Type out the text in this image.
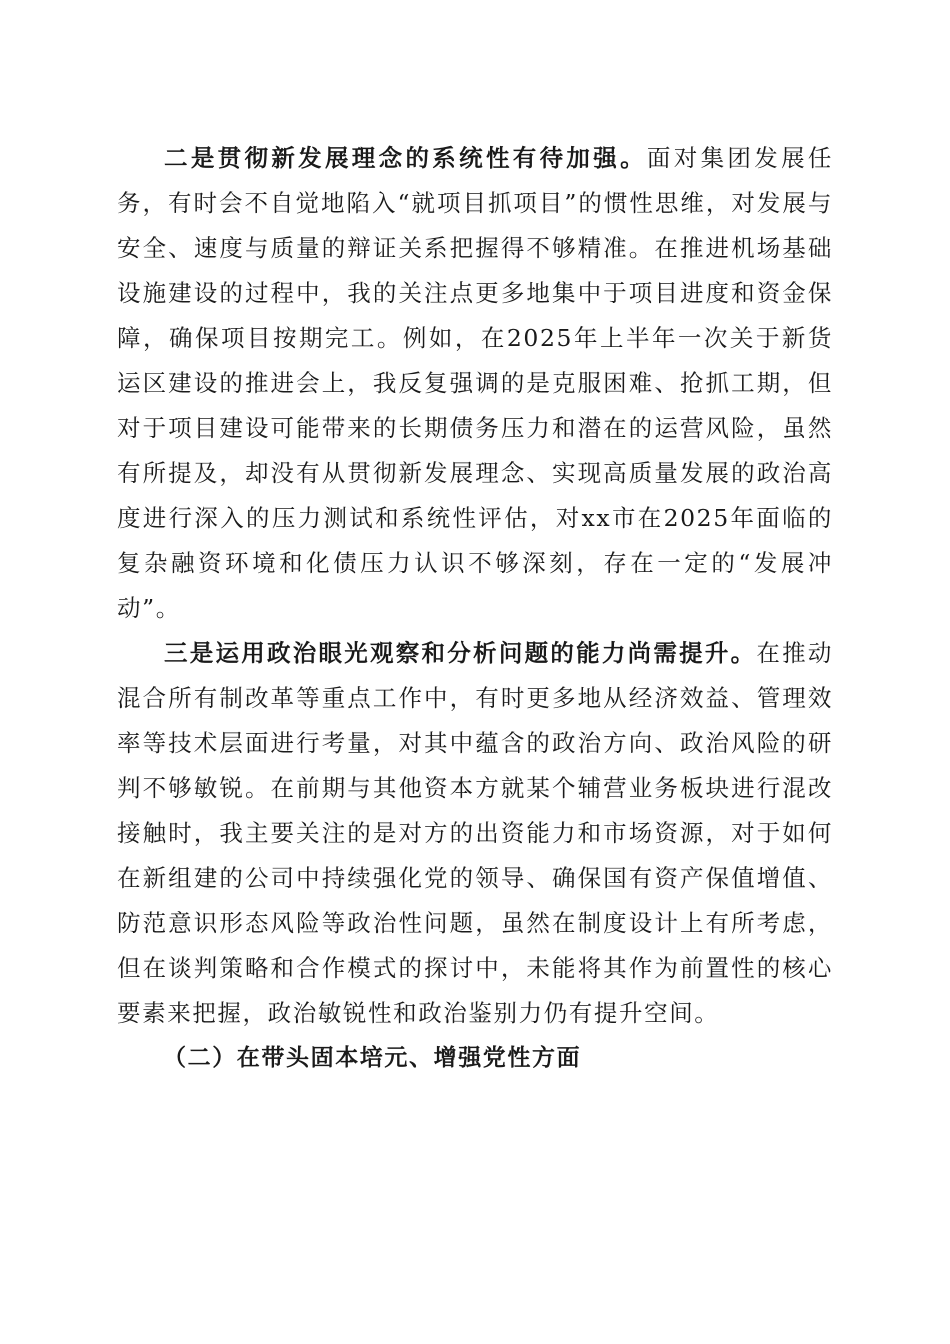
二是贯彻新发展理念的系统性有待加强。面对集团发展任务，有时会不自觉地陷入“就项目抓项目”的惯性思维，对发展与安全、速度与质量的辩证关系把握得不够精准。在推进机场基础设施建设的过程中，我的关注点更多地集中于项目进度和资金保障，确保项目按期完工。例如，在2025年上半年一次关于新货运区建设的推进会上，我反复强调的是克服困难、抢抓工期，但对于项目建设可能带来的长期债务压力和潜在的运营风险，虽然有所提及，却没有从贯彻新发展理念、实现高质量发展的政治高度进行深入的压力测试和系统性评估，对xx市在2025年面临的复杂融资环境和化债压力认识不够深刻，存在一定的“发展冲动”。

三是运用政治眼光观察和分析问题的能力尚需提升。在推动混合所有制改革等重点工作中，有时更多地从经济效益、管理效率等技术层面进行考量，对其中蕴含的政治方向、政治风险的研判不够敏锐。在前期与其他资本方就某个辅营业务板块进行混改接触时，我主要关注的是对方的出资能力和市场资源，对于如何在新组建的公司中持续强化党的领导、确保国有资产保值增值、防范意识形态风险等政治性问题，虽然在制度设计上有所考虑，但在谈判策略和合作模式的探讨中，未能将其作为前置性的核心要素来把握，政治敏锐性和政治鉴别力仍有提升空间。

（二）在带头固本培元、增强党性方面
